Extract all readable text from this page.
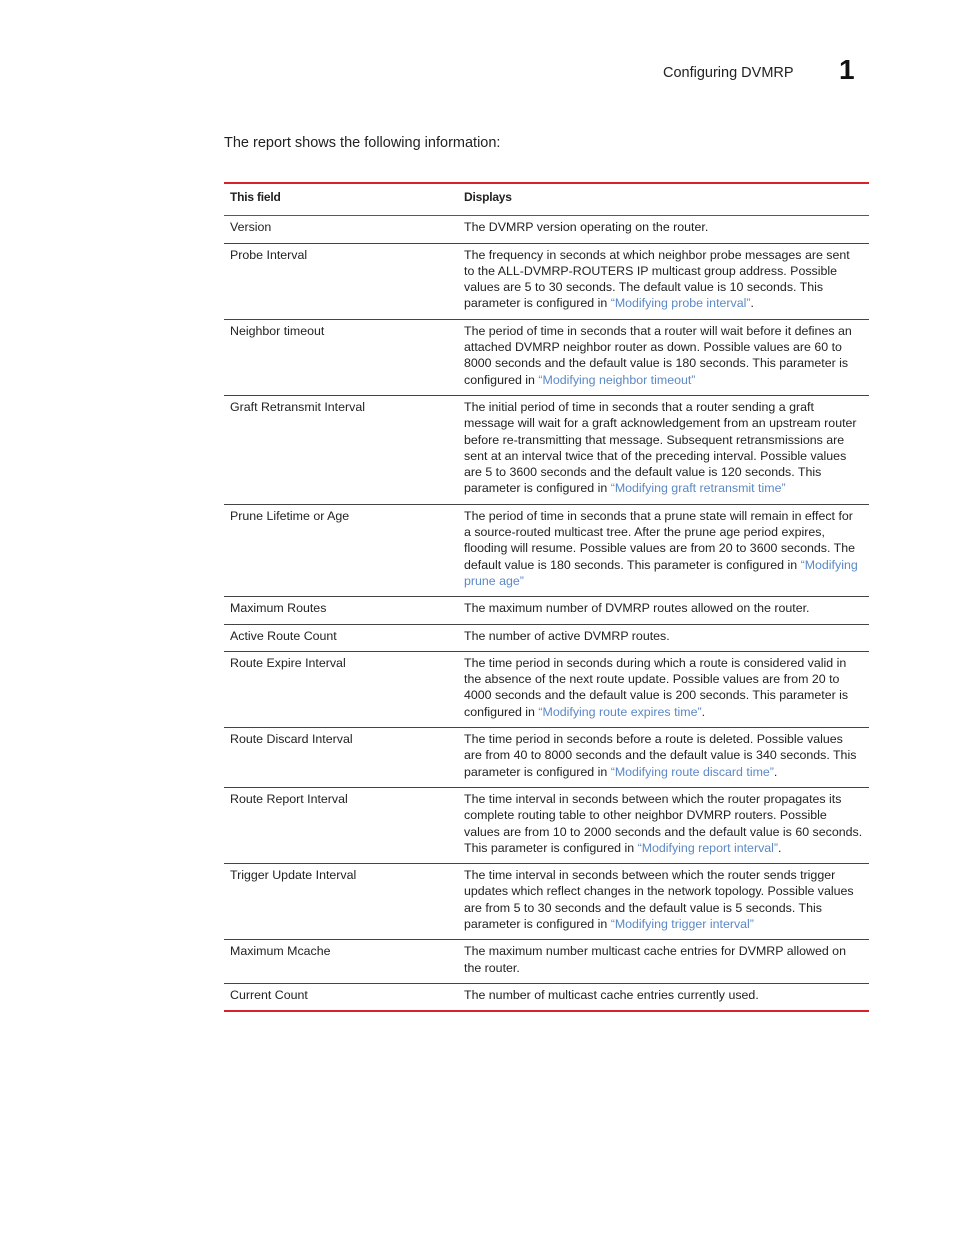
Configuring DVMRP 1
The report shows the following information:
This field	Displays
Version	The DVMRP version operating on the router.
Probe Interval	The frequency in seconds at which neighbor probe messages are sent to the ALL-DVMRP-ROUTERS IP multicast group address. Possible values are 5 to 30 seconds. The default value is 10 seconds. This parameter is configured in “Modifying probe interval”.
Neighbor timeout	The period of time in seconds that a router will wait before it defines an attached DVMRP neighbor router as down. Possible values are 60 to 8000 seconds and the default value is 180 seconds. This parameter is configured in “Modifying neighbor timeout”
Graft Retransmit Interval	The initial period of time in seconds that a router sending a graft message will wait for a graft acknowledgement from an upstream router before re-transmitting that message. Subsequent retransmissions are sent at an interval twice that of the preceding interval. Possible values are 5 to 3600 seconds and the default value is 120 seconds. This parameter is configured in “Modifying graft retransmit time”
Prune Lifetime or Age	The period of time in seconds that a prune state will remain in effect for a source-routed multicast tree. After the prune age period expires, flooding will resume. Possible values are from 20 to 3600 seconds. The default value is 180 seconds. This parameter is configured in “Modifying prune age”
Maximum Routes	The maximum number of DVMRP routes allowed on the router.
Active Route Count	The number of active DVMRP routes.
Route Expire Interval	The time period in seconds during which a route is considered valid in the absence of the next route update. Possible values are from 20 to 4000 seconds and the default value is 200 seconds. This parameter is configured in “Modifying route expires time”.
Route Discard Interval	The time period in seconds before a route is deleted. Possible values are from 40 to 8000 seconds and the default value is 340 seconds. This parameter is configured in “Modifying route discard time”.
Route Report Interval	The time interval in seconds between which the router propagates its complete routing table to other neighbor DVMRP routers. Possible values are from 10 to 2000 seconds and the default value is 60 seconds. This parameter is configured in “Modifying report interval”.
Trigger Update Interval	The time interval in seconds between which the router sends trigger updates which reflect changes in the network topology. Possible values are from 5 to 30 seconds and the default value is 5 seconds. This parameter is configured in “Modifying trigger interval”
Maximum Mcache	The maximum number multicast cache entries for DVMRP allowed on the router.
Current Count	The number of multicast cache entries currently used.
